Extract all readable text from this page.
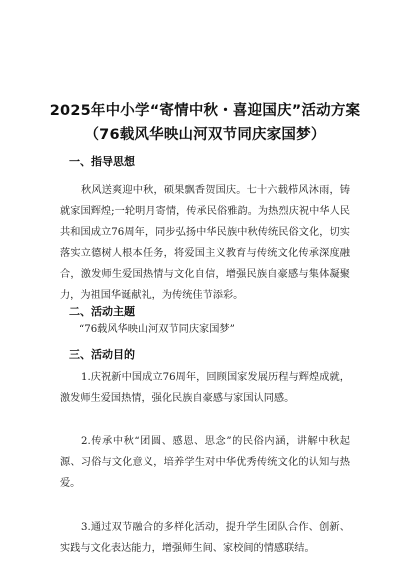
2025年中小学“寄情中秋・喜迎国庆”活动方案
（76载风华映山河双节同庆家国梦）
一、指导思想
秋风送爽迎中秋，硕果飘香贺国庆。七十六载栉风沐雨，铸就家国辉煌;一轮明月寄情，传承民俗雅韵。为热烈庆祝中华人民共和国成立76周年，同步弘扬中华民族中秋传统民俗文化，切实落实立德树人根本任务，将爱国主义教育与传统文化传承深度融合，激发师生爱国热情与文化自信，增强民族自豪感与集体凝聚力，为祖国华诞献礼，为传统佳节添彩。
二、活动主题
“76载风华映山河双节同庆家国梦”
三、活动目的
1.庆祝新中国成立76周年，回顾国家发展历程与辉煌成就，激发师生爱国热情，强化民族自豪感与家国认同感。
2.传承中秋“团圆、感恩、思念”的民俗内涵，讲解中秋起源、习俗与文化意义，培养学生对中华优秀传统文化的认知与热爱。
3.通过双节融合的多样化活动，提升学生团队合作、创新、实践与文化表达能力，增强师生间、家校间的情感联结。
